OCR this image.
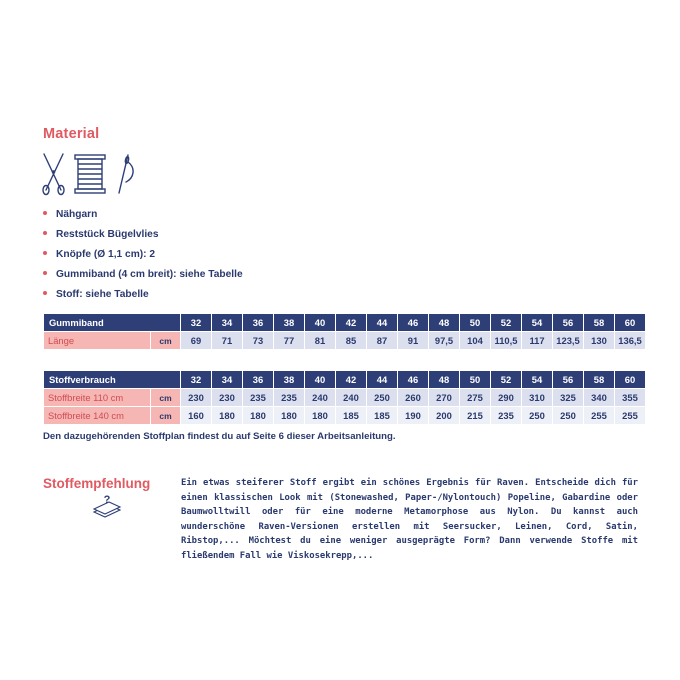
Material
Nähgarn
Reststück Bügelvlies
Knöpfe (Ø 1,1 cm): 2
Gummiband (4 cm breit): siehe Tabelle
Stoff: siehe Tabelle
Gummiband		32	34	36	38	40	42	44	46	48	50	52	54	56	58	60
Länge	cm	69	71	73	77	81	85	87	91	97,5	104	110,5	117	123,5	130	136,5
Stoffverbrauch		32	34	36	38	40	42	44	46	48	50	52	54	56	58	60
Stoffbreite 110 cm	cm	230	230	235	235	240	240	250	260	270	275	290	310	325	340	355
Stoffbreite 140 cm	cm	160	180	180	180	180	185	185	190	200	215	235	250	250	255	255
Den dazugehörenden Stoffplan findest du auf Seite 6 dieser Arbeitsanleitung.
Stoffempfehlung
?

Ein etwas steiferer Stoff ergibt ein schönes Ergebnis für Raven. Entscheide dich für einen klassischen Look mit (Stonewashed, Paper-/Nylontouch) Popeline, Gabardine oder Baumwolltwill oder für eine moderne Metamorphose aus Nylon. Du kannst auch wunderschöne Raven-Versionen erstellen mit Seersucker, Leinen, Cord, Satin, Ribstop,... Möchtest du eine weniger ausgeprägte Form? Dann verwende Stoffe mit fließendem Fall wie Viskosekrepp,...
